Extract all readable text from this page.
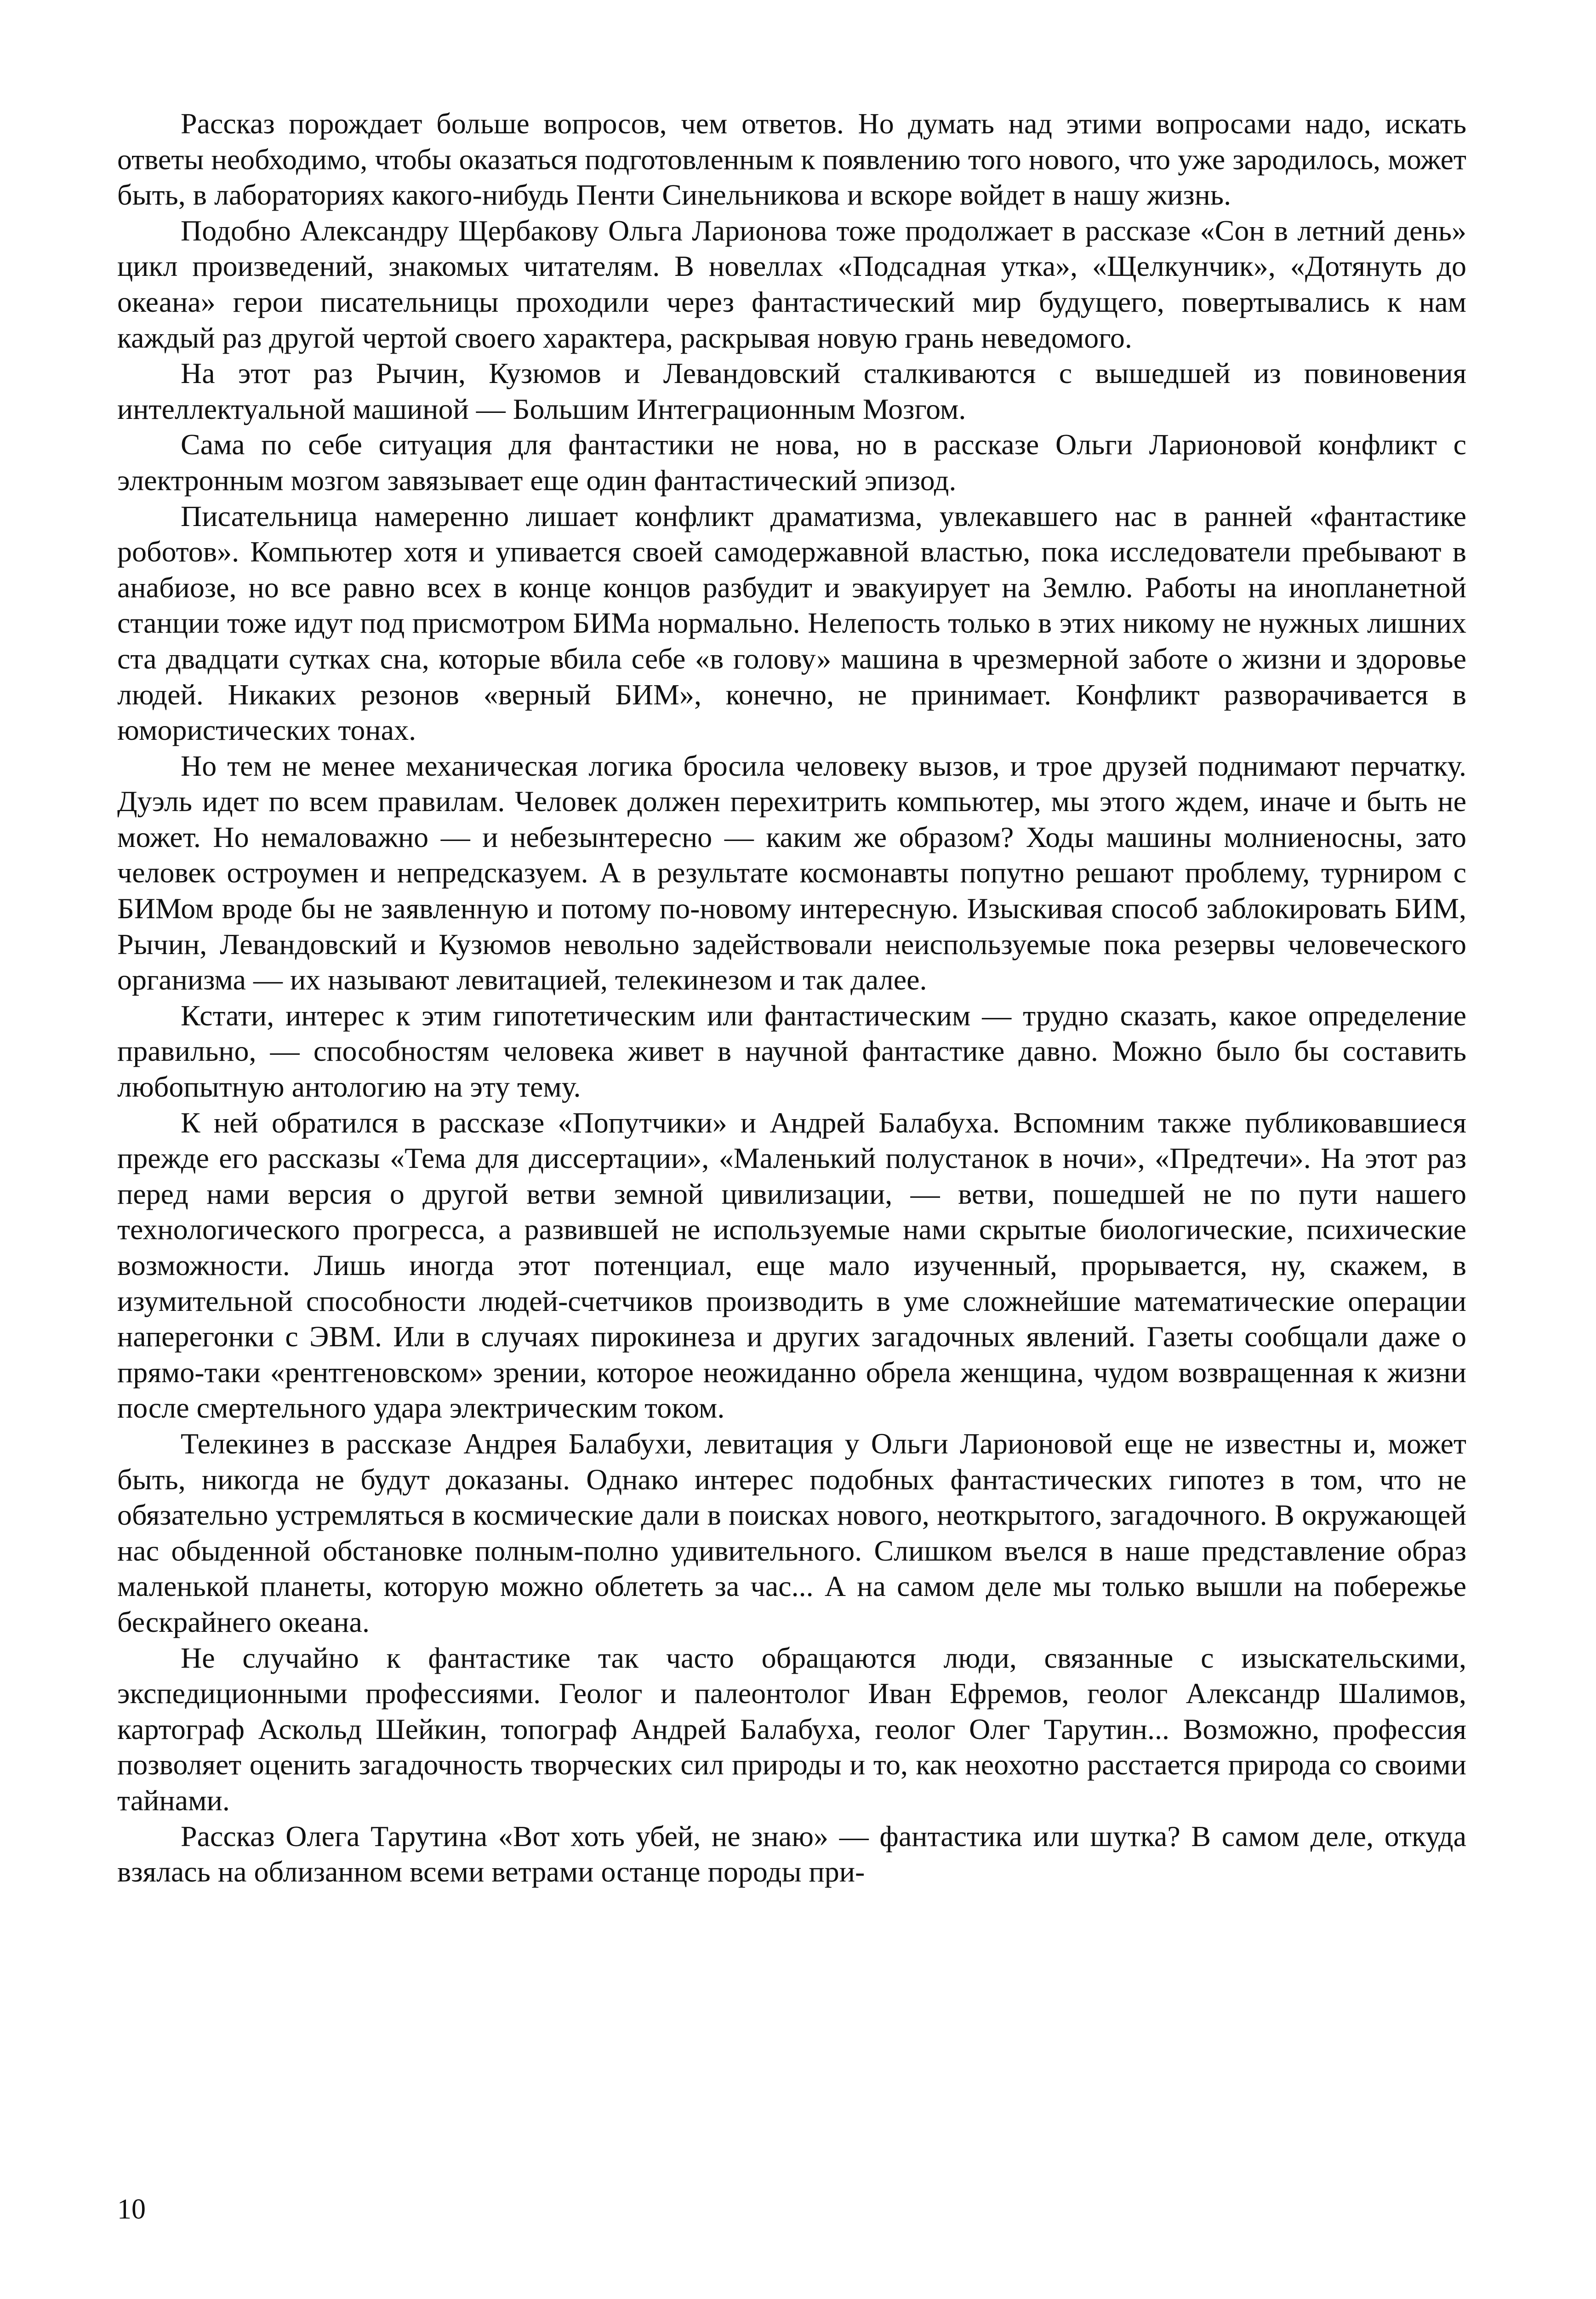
Рассказ порождает больше вопросов, чем ответов. Но думать над этими вопросами надо, искать ответы необходимо, чтобы оказаться подготовленным к появлению того нового, что уже зародилось, может быть, в лабораториях какого-нибудь Пенти Синельникова и вскоре войдет в нашу жизнь.

Подобно Александру Щербакову Ольга Ларионова тоже продолжает в рассказе «Сон в летний день» цикл произведений, знакомых читателям. В новеллах «Подсадная утка», «Щелкунчик», «Дотянуть до океана» герои писательницы проходили через фантастический мир будущего, повертывались к нам каждый раз другой чертой своего характера, раскрывая новую грань неведомого.

На этот раз Рычин, Кузюмов и Левандовский сталкиваются с вышедшей из повиновения интеллектуальной машиной — Большим Интеграционным Мозгом.

Сама по себе ситуация для фантастики не нова, но в рассказе Ольги Ларионовой конфликт с электронным мозгом завязывает еще один фантастический эпизод.

Писательница намеренно лишает конфликт драматизма, увлекавшего нас в ранней «фантастике роботов». Компьютер хотя и упивается своей самодержавной властью, пока исследователи пребывают в анабиозе, но все равно всех в конце концов разбудит и эвакуирует на Землю. Работы на инопланетной станции тоже идут под присмотром БИМа нормально. Нелепость только в этих никому не нужных лишних ста двадцати сутках сна, которые вбила себе «в голову» машина в чрезмерной заботе о жизни и здоровье людей. Никаких резонов «верный БИМ», конечно, не принимает. Конфликт разворачивается в юмористических тонах.

Но тем не менее механическая логика бросила человеку вызов, и трое друзей поднимают перчатку. Дуэль идет по всем правилам. Человек должен перехитрить компьютер, мы этого ждем, иначе и быть не может. Но немаловажно — и небезынтересно — каким же образом? Ходы машины молниеносны, зато человек остроумен и непредсказуем. А в результате космонавты попутно решают проблему, турниром с БИМом вроде бы не заявленную и потому по-новому интересную. Изыскивая способ заблокировать БИМ, Рычин, Левандовский и Кузюмов невольно задействовали неиспользуемые пока резервы человеческого организма — их называют левитацией, телекинезом и так далее.

Кстати, интерес к этим гипотетическим или фантастическим — трудно сказать, какое определение правильно, — способностям человека живет в научной фантастике давно. Можно было бы составить любопытную антологию на эту тему.

К ней обратился в рассказе «Попутчики» и Андрей Балабуха. Вспомним также публиковавшиеся прежде его рассказы «Тема для диссертации», «Маленький полустанок в ночи», «Предтечи». На этот раз перед нами версия о другой ветви земной цивилизации, — ветви, пошедшей не по пути нашего технологического прогресса, а развившей не используемые нами скрытые биологические, психические возможности. Лишь иногда этот потенциал, еще мало изученный, прорывается, ну, скажем, в изумительной способности людей-счетчиков производить в уме сложнейшие математические операции наперегонки с ЭВМ. Или в случаях пирокинеза и других загадочных явлений. Газеты сообщали даже о прямо-таки «рентгеновском» зрении, которое неожиданно обрела женщина, чудом возвращенная к жизни после смертельного удара электрическим током.

Телекинез в рассказе Андрея Балабухи, левитация у Ольги Ларионовой еще не известны и, может быть, никогда не будут доказаны. Однако интерес подобных фантастических гипотез в том, что не обязательно устремляться в космические дали в поисках нового, неоткрытого, загадочного. В окружающей нас обыденной обстановке полным-полно удивительного. Слишком въелся в наше представление образ маленькой планеты, которую можно облететь за час... А на самом деле мы только вышли на побережье бескрайнего океана.

Не случайно к фантастике так часто обращаются люди, связанные с изыскательскими, экспедиционными профессиями. Геолог и палеонтолог Иван Ефремов, геолог Александр Шалимов, картограф Аскольд Шейкин, топограф Андрей Балабуха, геолог Олег Тарутин... Возможно, профессия позволяет оценить загадочность творческих сил природы и то, как неохотно расстается природа со своими тайнами.

Рассказ Олега Тарутина «Вот хоть убей, не знаю» — фантастика или шутка? В самом деле, откуда взялась на облизанном всеми ветрами останце породы при-

10
